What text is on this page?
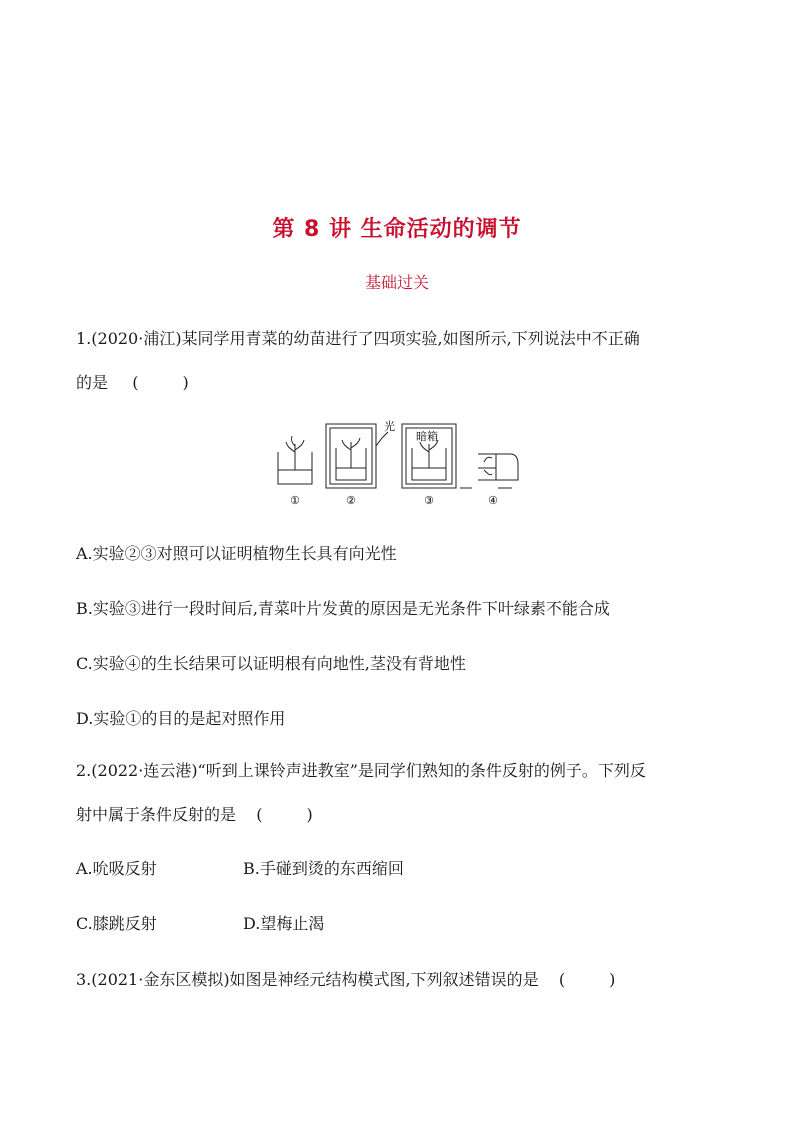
第 8 讲 生命活动的调节
基础过关
1.(2020·浦江)某同学用青菜的幼苗进行了四项实验,如图所示,下列说法中不正确
的是 (	)
①	②	③	④
光
暗箱
A.实验②③对照可以证明植物生长具有向光性
B.实验③进行一段时间后,青菜叶片发黄的原因是无光条件下叶绿素不能合成
C.实验④的生长结果可以证明根有向地性,茎没有背地性
D.实验①的目的是起对照作用
2.(2022·连云港)“听到上课铃声进教室”是同学们熟知的条件反射的例子。下列反
射中属于条件反射的是 (	)
A.吮吸反射	B.手碰到烫的东西缩回
C.膝跳反射	D.望梅止渴
3.(2021·金东区模拟)如图是神经元结构模式图,下列叙述错误的是 (	)
